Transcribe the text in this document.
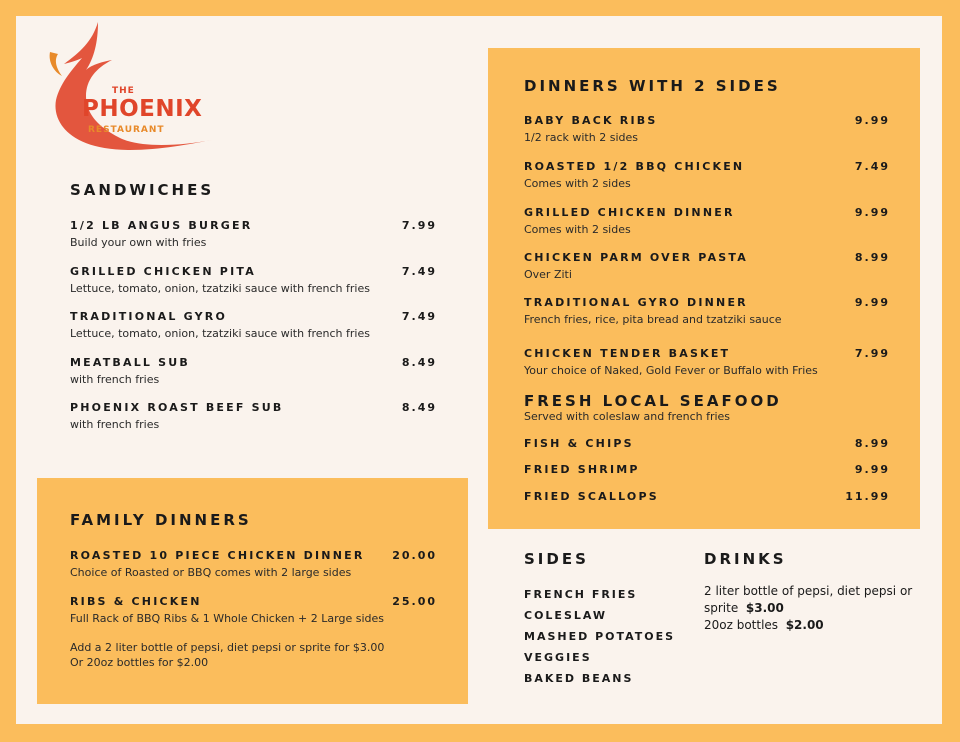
THE
PHOENIX
RESTAURANT
SANDWICHES
1/2 LB ANGUS BURGER
Build your own with fries
7.99
GRILLED CHICKEN PITA
Lettuce, tomato, onion, tzatziki sauce with french fries
7.49
TRADITIONAL GYRO
Lettuce, tomato, onion, tzatziki sauce with french fries
7.49
MEATBALL SUB
with french fries
8.49
PHOENIX ROAST BEEF SUB
with french fries
8.49
FAMILY DINNERS
ROASTED 10 PIECE CHICKEN DINNER
Choice of Roasted or BBQ comes with 2 large sides
20.00
RIBS & CHICKEN
Full Rack of BBQ Ribs & 1 Whole Chicken + 2 Large sides
25.00
Add a 2 liter bottle of pepsi, diet pepsi or sprite for $3.00
Or 20oz bottles for $2.00
DINNERS WITH 2 SIDES
BABY BACK RIBS
1/2 rack with 2 sides
9.99
ROASTED 1/2 BBQ CHICKEN
Comes with 2 sides
7.49
GRILLED CHICKEN DINNER
Comes with 2 sides
9.99
CHICKEN PARM OVER PASTA
Over Ziti
8.99
TRADITIONAL GYRO DINNER
French fries, rice, pita bread and tzatziki sauce
9.99
CHICKEN TENDER BASKET
Your choice of Naked, Gold Fever or Buffalo with Fries
7.99
FRESH LOCAL SEAFOOD
Served with coleslaw and french fries
FISH & CHIPS	8.99
FRIED SHRIMP	9.99
FRIED SCALLOPS	11.99
SIDES
FRENCH FRIES
COLESLAW
MASHED POTATOES
VEGGIES
BAKED BEANS
DRINKS
2 liter bottle of pepsi, diet pepsi or
sprite $3.00
20oz bottles $2.00
